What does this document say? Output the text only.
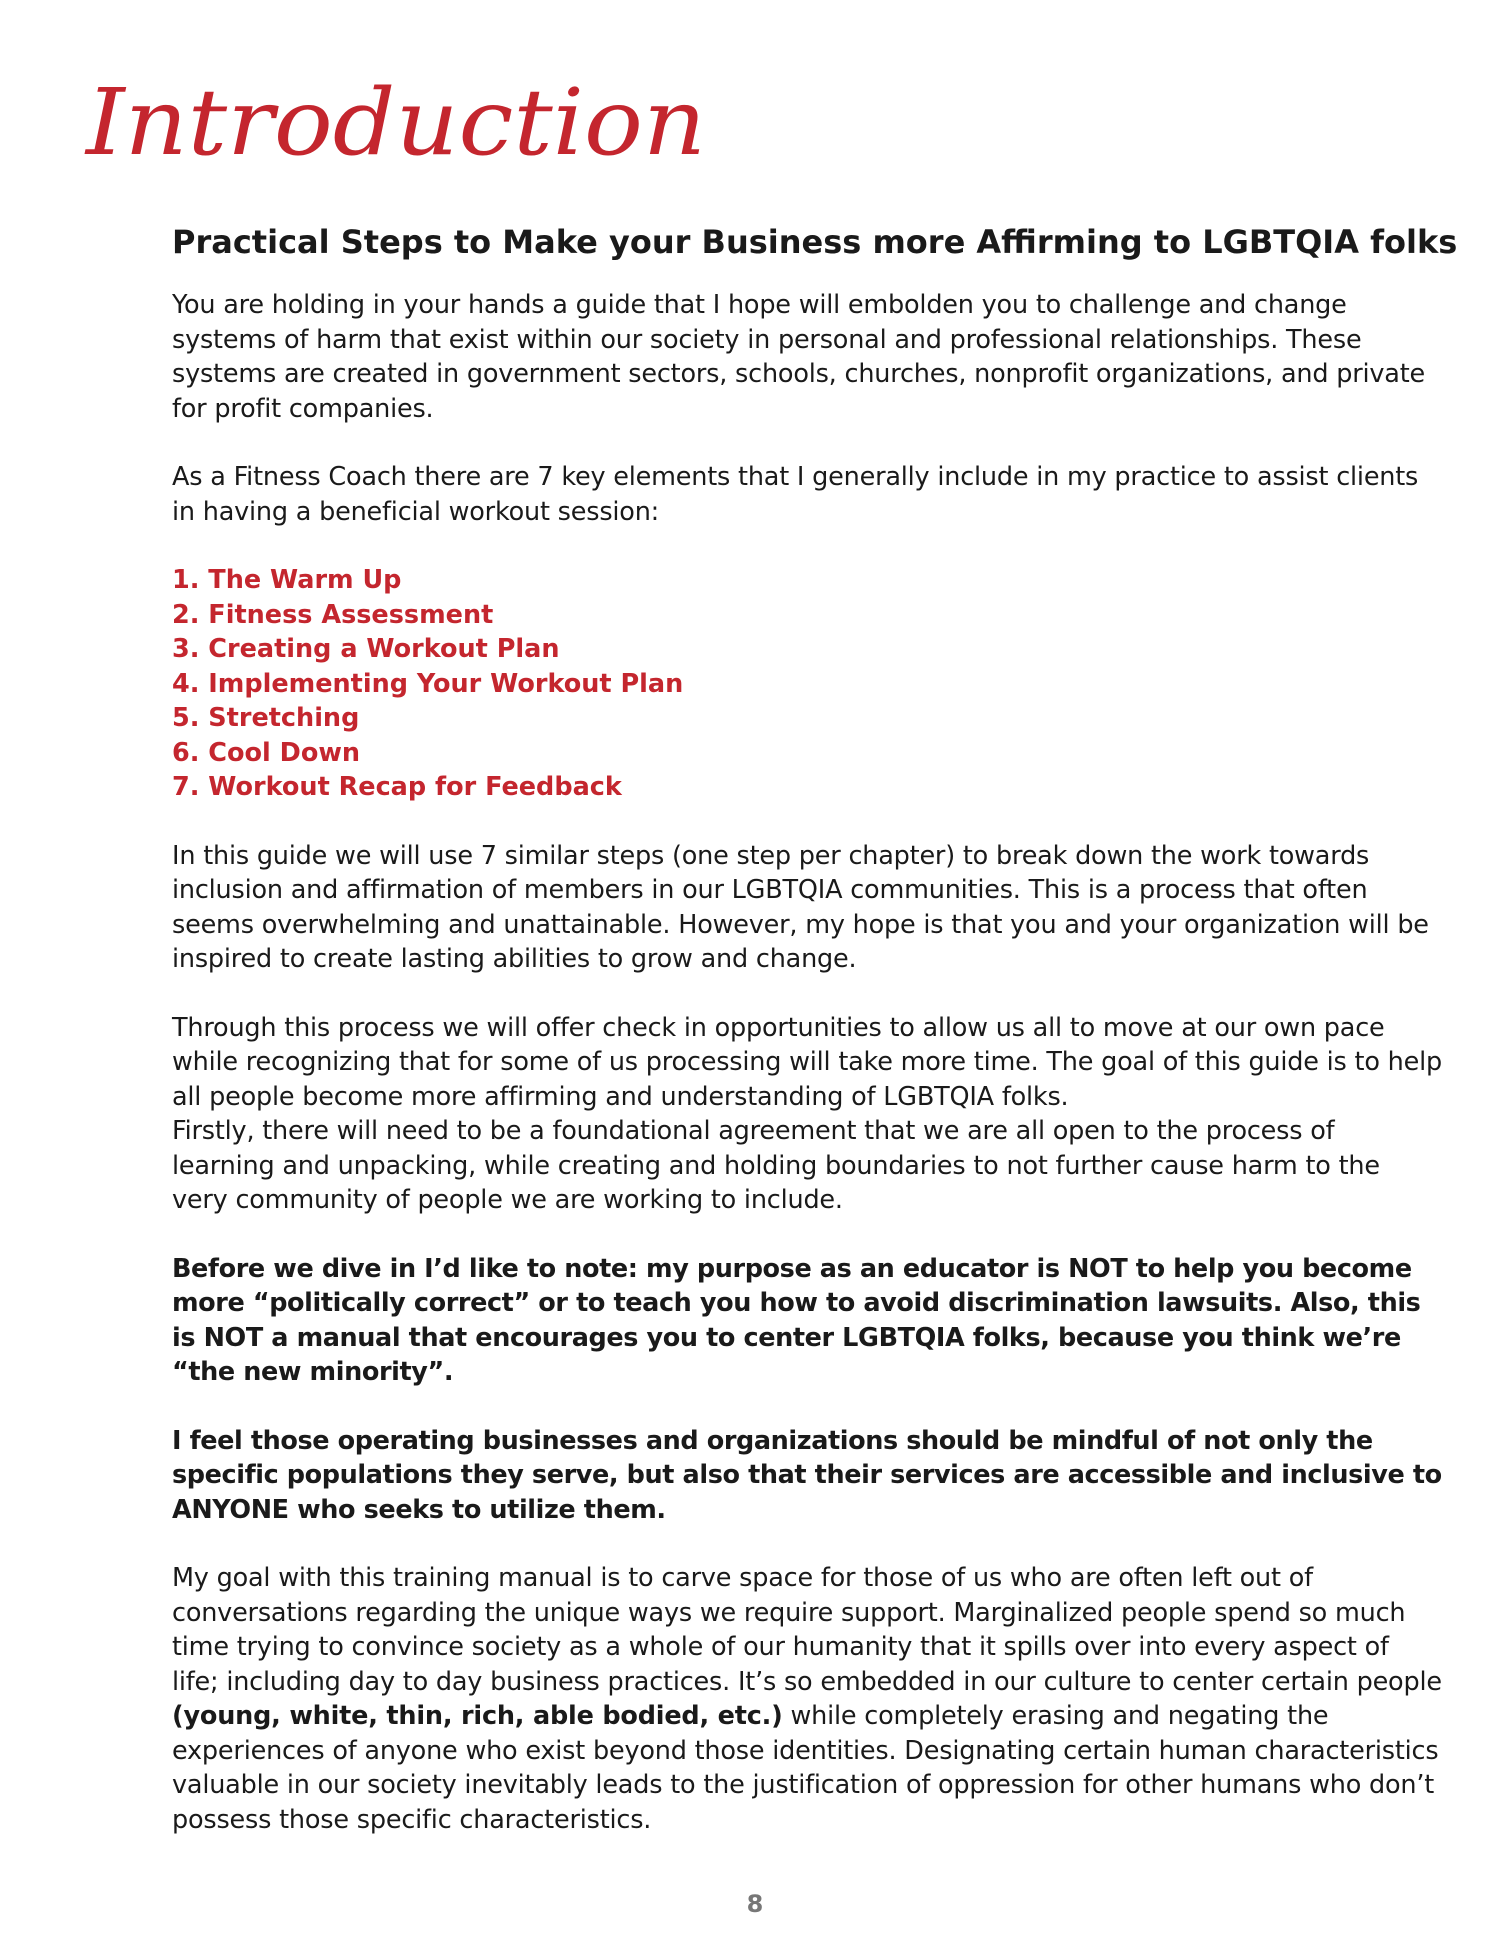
Introduction
Practical Steps to Make your Business more Affirming to LGBTQIA folks

You are holding in your hands a guide that I hope will embolden you to challenge and change systems of harm that exist within our society in personal and professional relationships. These systems are created in government sectors, schools, churches, nonprofit organizations, and private for profit companies.

As a Fitness Coach there are 7 key elements that I generally include in my practice to assist clients in having a beneficial workout session:

1. The Warm Up
2. Fitness Assessment
3. Creating a Workout Plan
4. Implementing Your Workout Plan
5. Stretching
6. Cool Down
7. Workout Recap for Feedback

In this guide we will use 7 similar steps (one step per chapter) to break down the work towards inclusion and affirmation of members in our LGBTQIA communities. This is a process that often seems overwhelming and unattainable. However, my hope is that you and your organization will be inspired to create lasting abilities to grow and change.

Through this process we will offer check in opportunities to allow us all to move at our own pace while recognizing that for some of us processing will take more time. The goal of this guide is to help all people become more affirming and understanding of LGBTQIA folks.

Firstly, there will need to be a foundational agreement that we are all open to the process of learning and unpacking, while creating and holding boundaries to not further cause harm to the very community of people we are working to include.

Before we dive in I’d like to note: my purpose as an educator is NOT to help you become more “politically correct” or to teach you how to avoid discrimination lawsuits. Also, this is NOT a manual that encourages you to center LGBTQIA folks, because you think we’re “the new minority”.

I feel those operating businesses and organizations should be mindful of not only the specific populations they serve, but also that their services are accessible and inclusive to ANYONE who seeks to utilize them.

My goal with this training manual is to carve space for those of us who are often left out of conversations regarding the unique ways we require support. Marginalized people spend so much time trying to convince society as a whole of our humanity that it spills over into every aspect of life; including day to day business practices. It’s so embedded in our culture to center certain people (young, white, thin, rich, able bodied, etc.) while completely erasing and negating the experiences of anyone who exist beyond those identities. Designating certain human characteristics valuable in our society inevitably leads to the justification of oppression for other humans who don’t possess those specific characteristics.

8
